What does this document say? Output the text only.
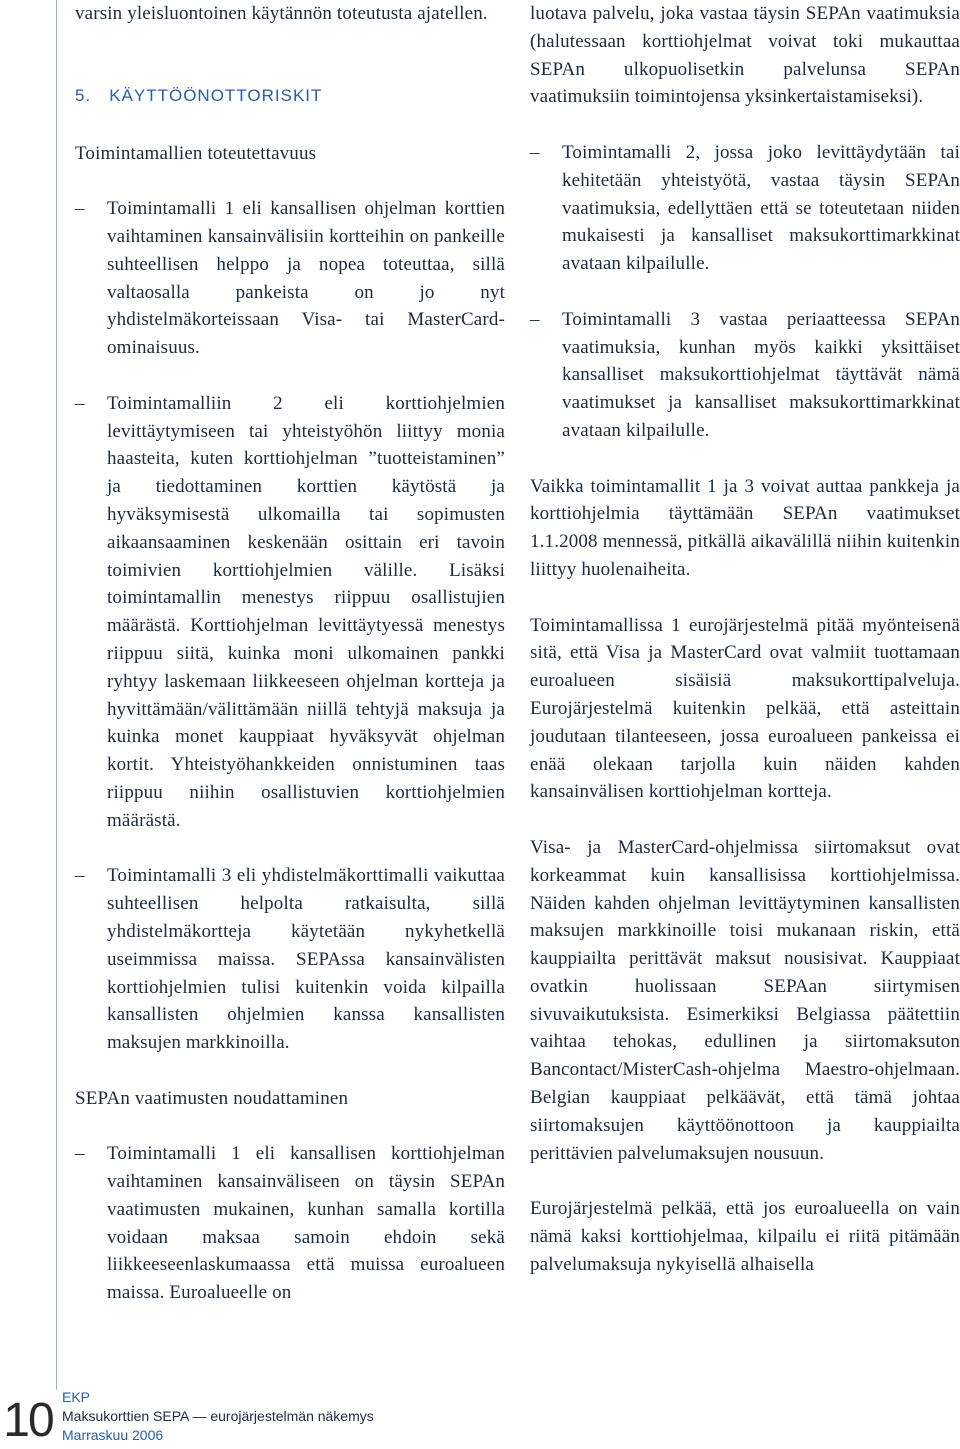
varsin yleisluontoinen käytännön toteutusta ajatellen.

5. KÄYTTÖÖNOTTORISKIT

Toimintamallien toteutettavuus

– Toimintamalli 1 eli kansallisen ohjelman korttien vaihtaminen kansainvälisiin kortteihin on pankeille suhteellisen helppo ja nopea toteuttaa, sillä valtaosalla pankeista on jo nyt yhdistelmäkorteissaan Visa- tai MasterCard-ominaisuus.

– Toimintamalliin 2 eli korttiohjelmien levittäytymiseen tai yhteistyöhön liittyy monia haasteita, kuten korttiohjelman ”tuotteistaminen” ja tiedottaminen korttien käytöstä ja hyväksymisestä ulkomailla tai sopimusten aikaansaaminen keskenään osittain eri tavoin toimivien korttiohjelmien välille. Lisäksi toimintamallin menestys riippuu osallistujien määrästä. Korttiohjelman levittäytyessä menestys riippuu siitä, kuinka moni ulkomainen pankki ryhtyy laskemaan liikkeeseen ohjelman kortteja ja hyvittämään/välittämään niillä tehtyjä maksuja ja kuinka monet kauppiaat hyväksyvät ohjelman kortit. Yhteistyöhankkeiden onnistuminen taas riippuu niihin osallistuvien korttiohjelmien määrästä.

– Toimintamalli 3 eli yhdistelmäkorttimalli vaikuttaa suhteellisen helpolta ratkaisulta, sillä yhdistelmäkortteja käytetään nykyhetkellä useimmissa maissa. SEPAssa kansainvälisten korttiohjelmien tulisi kuitenkin voida kilpailla kansallisten ohjelmien kanssa kansallisten maksujen markkinoilla.

SEPAn vaatimusten noudattaminen

– Toimintamalli 1 eli kansallisen korttiohjelman vaihtaminen kansainväliseen on täysin SEPAn vaatimusten mukainen, kunhan samalla kortilla voidaan maksaa samoin ehdoin sekä liikkeeseenlaskumaassa että muissa euroalueen maissa. Euroalueelle on

luotava palvelu, joka vastaa täysin SEPAn vaatimuksia (halutessaan korttiohjelmat voivat toki mukauttaa SEPAn ulkopuolisetkin palvelunsa SEPAn vaatimuksiin toimintojensa yksinkertaistamiseksi).

– Toimintamalli 2, jossa joko levittäydytään tai kehitetään yhteistyötä, vastaa täysin SEPAn vaatimuksia, edellyttäen että se toteutetaan niiden mukaisesti ja kansalliset maksukorttimarkkinat avataan kilpailulle.

– Toimintamalli 3 vastaa periaatteessa SEPAn vaatimuksia, kunhan myös kaikki yksittäiset kansalliset maksukorttiohjelmat täyttävät nämä vaatimukset ja kansalliset maksukorttimarkkinat avataan kilpailulle.

Vaikka toimintamallit 1 ja 3 voivat auttaa pankkeja ja korttiohjelmia täyttämään SEPAn vaatimukset 1.1.2008 mennessä, pitkällä aikavälillä niihin kuitenkin liittyy huolenaiheita.

Toimintamallissa 1 eurojärjestelmä pitää myönteisenä sitä, että Visa ja MasterCard ovat valmiit tuottamaan euroalueen sisäisiä maksukorttipalveluja. Eurojärjestelmä kuitenkin pelkää, että asteittain joudutaan tilanteeseen, jossa euroalueen pankeissa ei enää olekaan tarjolla kuin näiden kahden kansainvälisen korttiohjelman kortteja.

Visa- ja MasterCard-ohjelmissa siirtomaksut ovat korkeammat kuin kansallisissa korttiohjelmissa. Näiden kahden ohjelman levittäytyminen kansallisten maksujen markkinoille toisi mukanaan riskin, että kauppiailta perittävät maksut nousisivat. Kauppiaat ovatkin huolissaan SEPAan siirtymisen sivuvaikutuksista. Esimerkiksi Belgiassa päätettiin vaihtaa tehokas, edullinen ja siirtomaksuton Bancontact/MisterCash-ohjelma Maestro-ohjelmaan. Belgian kauppiaat pelkäävät, että tämä johtaa siirtomaksujen käyttöönottoon ja kauppiailta perittävien palvelumaksujen nousuun.

Eurojärjestelmä pelkää, että jos euroalueella on vain nämä kaksi korttiohjelmaa, kilpailu ei riitä pitämään palvelumaksuja nykyisellä alhaisella

10 EKP
Maksukorttien SEPA — eurojärjestelmän näkemys
Marraskuu 2006
